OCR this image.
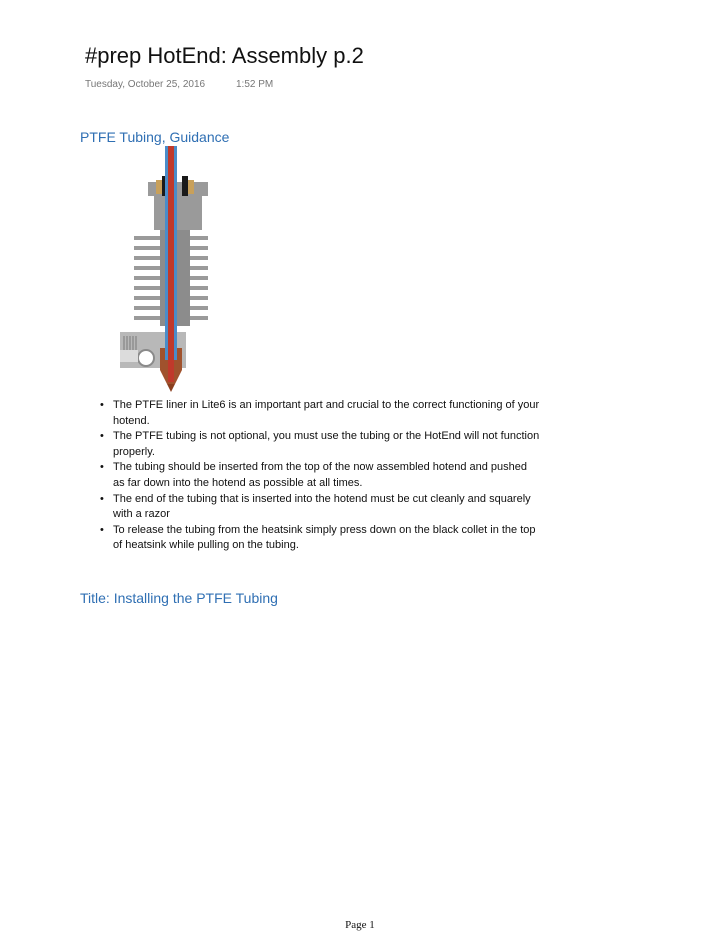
#prep HotEnd: Assembly p.2
Tuesday, October 25, 2016	1:52 PM
PTFE Tubing, Guidance
• The PTFE liner in Lite6 is an important part and crucial to the correct functioning of your hotend.
• The PTFE tubing is not optional, you must use the tubing or the HotEnd will not function properly.
• The tubing should be inserted from the top of the now assembled hotend and pushed as far down into the hotend as possible at all times.
• The end of the tubing that is inserted into the hotend must be cut cleanly and squarely with a razor
• To release the tubing from the heatsink simply press down on the black collet in the top of heatsink while pulling on the tubing.
Title: Installing the PTFE Tubing
Page 1
